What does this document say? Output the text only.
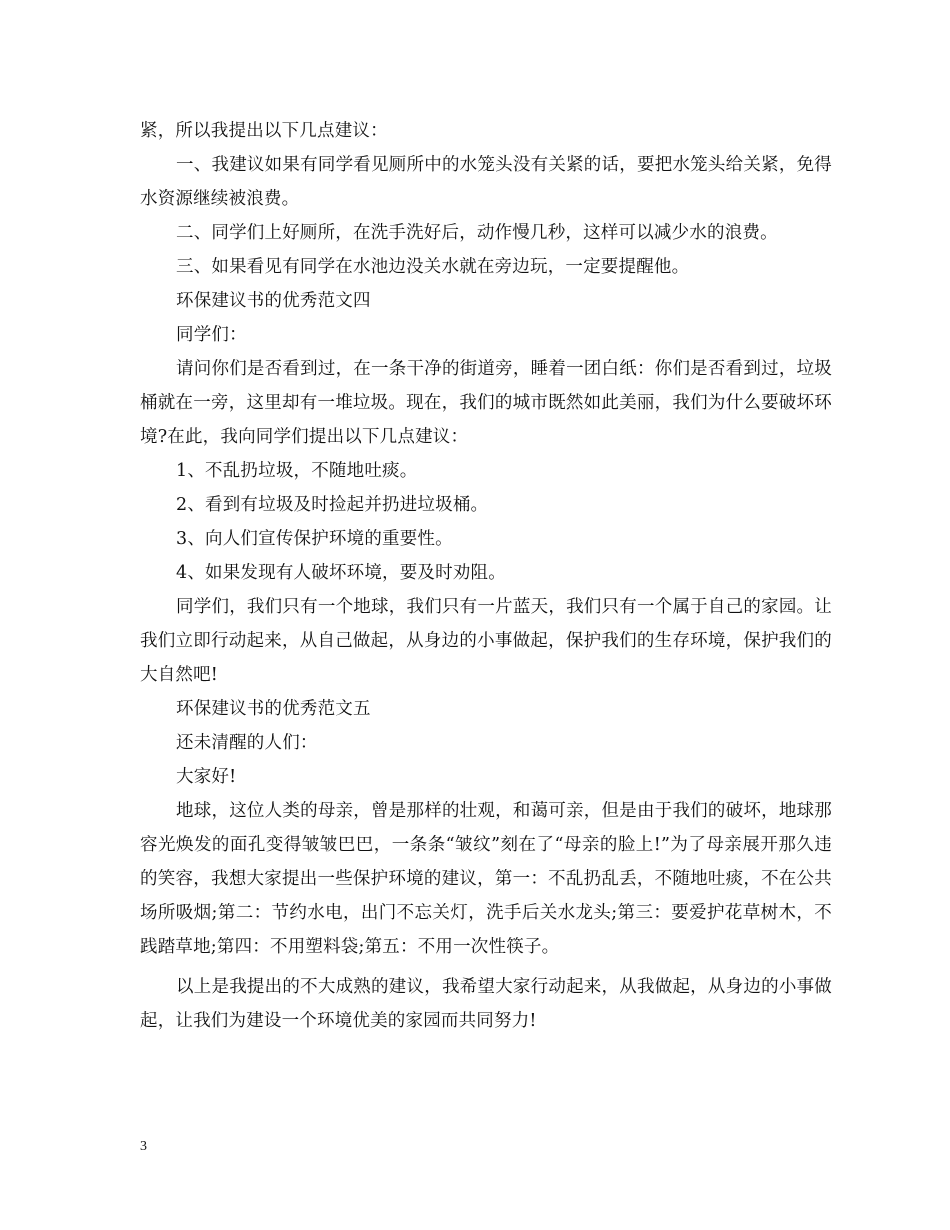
紧，所以我提出以下几点建议：

一、我建议如果有同学看见厕所中的水笼头没有关紧的话，要把水笼头给关紧，免得水资源继续被浪费。

二、同学们上好厕所，在洗手洗好后，动作慢几秒，这样可以减少水的浪费。

三、如果看见有同学在水池边没关水就在旁边玩，一定要提醒他。

环保建议书的优秀范文四

同学们：

请问你们是否看到过，在一条干净的街道旁，睡着一团白纸：你们是否看到过，垃圾桶就在一旁，这里却有一堆垃圾。现在，我们的城市既然如此美丽，我们为什么要破坏环境?在此，我向同学们提出以下几点建议：

1、不乱扔垃圾，不随地吐痰。

2、看到有垃圾及时捡起并扔进垃圾桶。

3、向人们宣传保护环境的重要性。

4、如果发现有人破坏环境，要及时劝阻。

同学们，我们只有一个地球，我们只有一片蓝天，我们只有一个属于自己的家园。让我们立即行动起来，从自己做起，从身边的小事做起，保护我们的生存环境，保护我们的大自然吧!

环保建议书的优秀范文五

还未清醒的人们：

大家好!

地球，这位人类的母亲，曾是那样的壮观，和蔼可亲，但是由于我们的破坏，地球那容光焕发的面孔变得皱皱巴巴，一条条“皱纹”刻在了“母亲的脸上!”为了母亲展开那久违的笑容，我想大家提出一些保护环境的建议，第一：不乱扔乱丢，不随地吐痰，不在公共场所吸烟;第二：节约水电，出门不忘关灯，洗手后关水龙头;第三：要爱护花草树木，不践踏草地;第四：不用塑料袋;第五：不用一次性筷子。

以上是我提出的不大成熟的建议，我希望大家行动起来，从我做起，从身边的小事做起，让我们为建设一个环境优美的家园而共同努力!

3
